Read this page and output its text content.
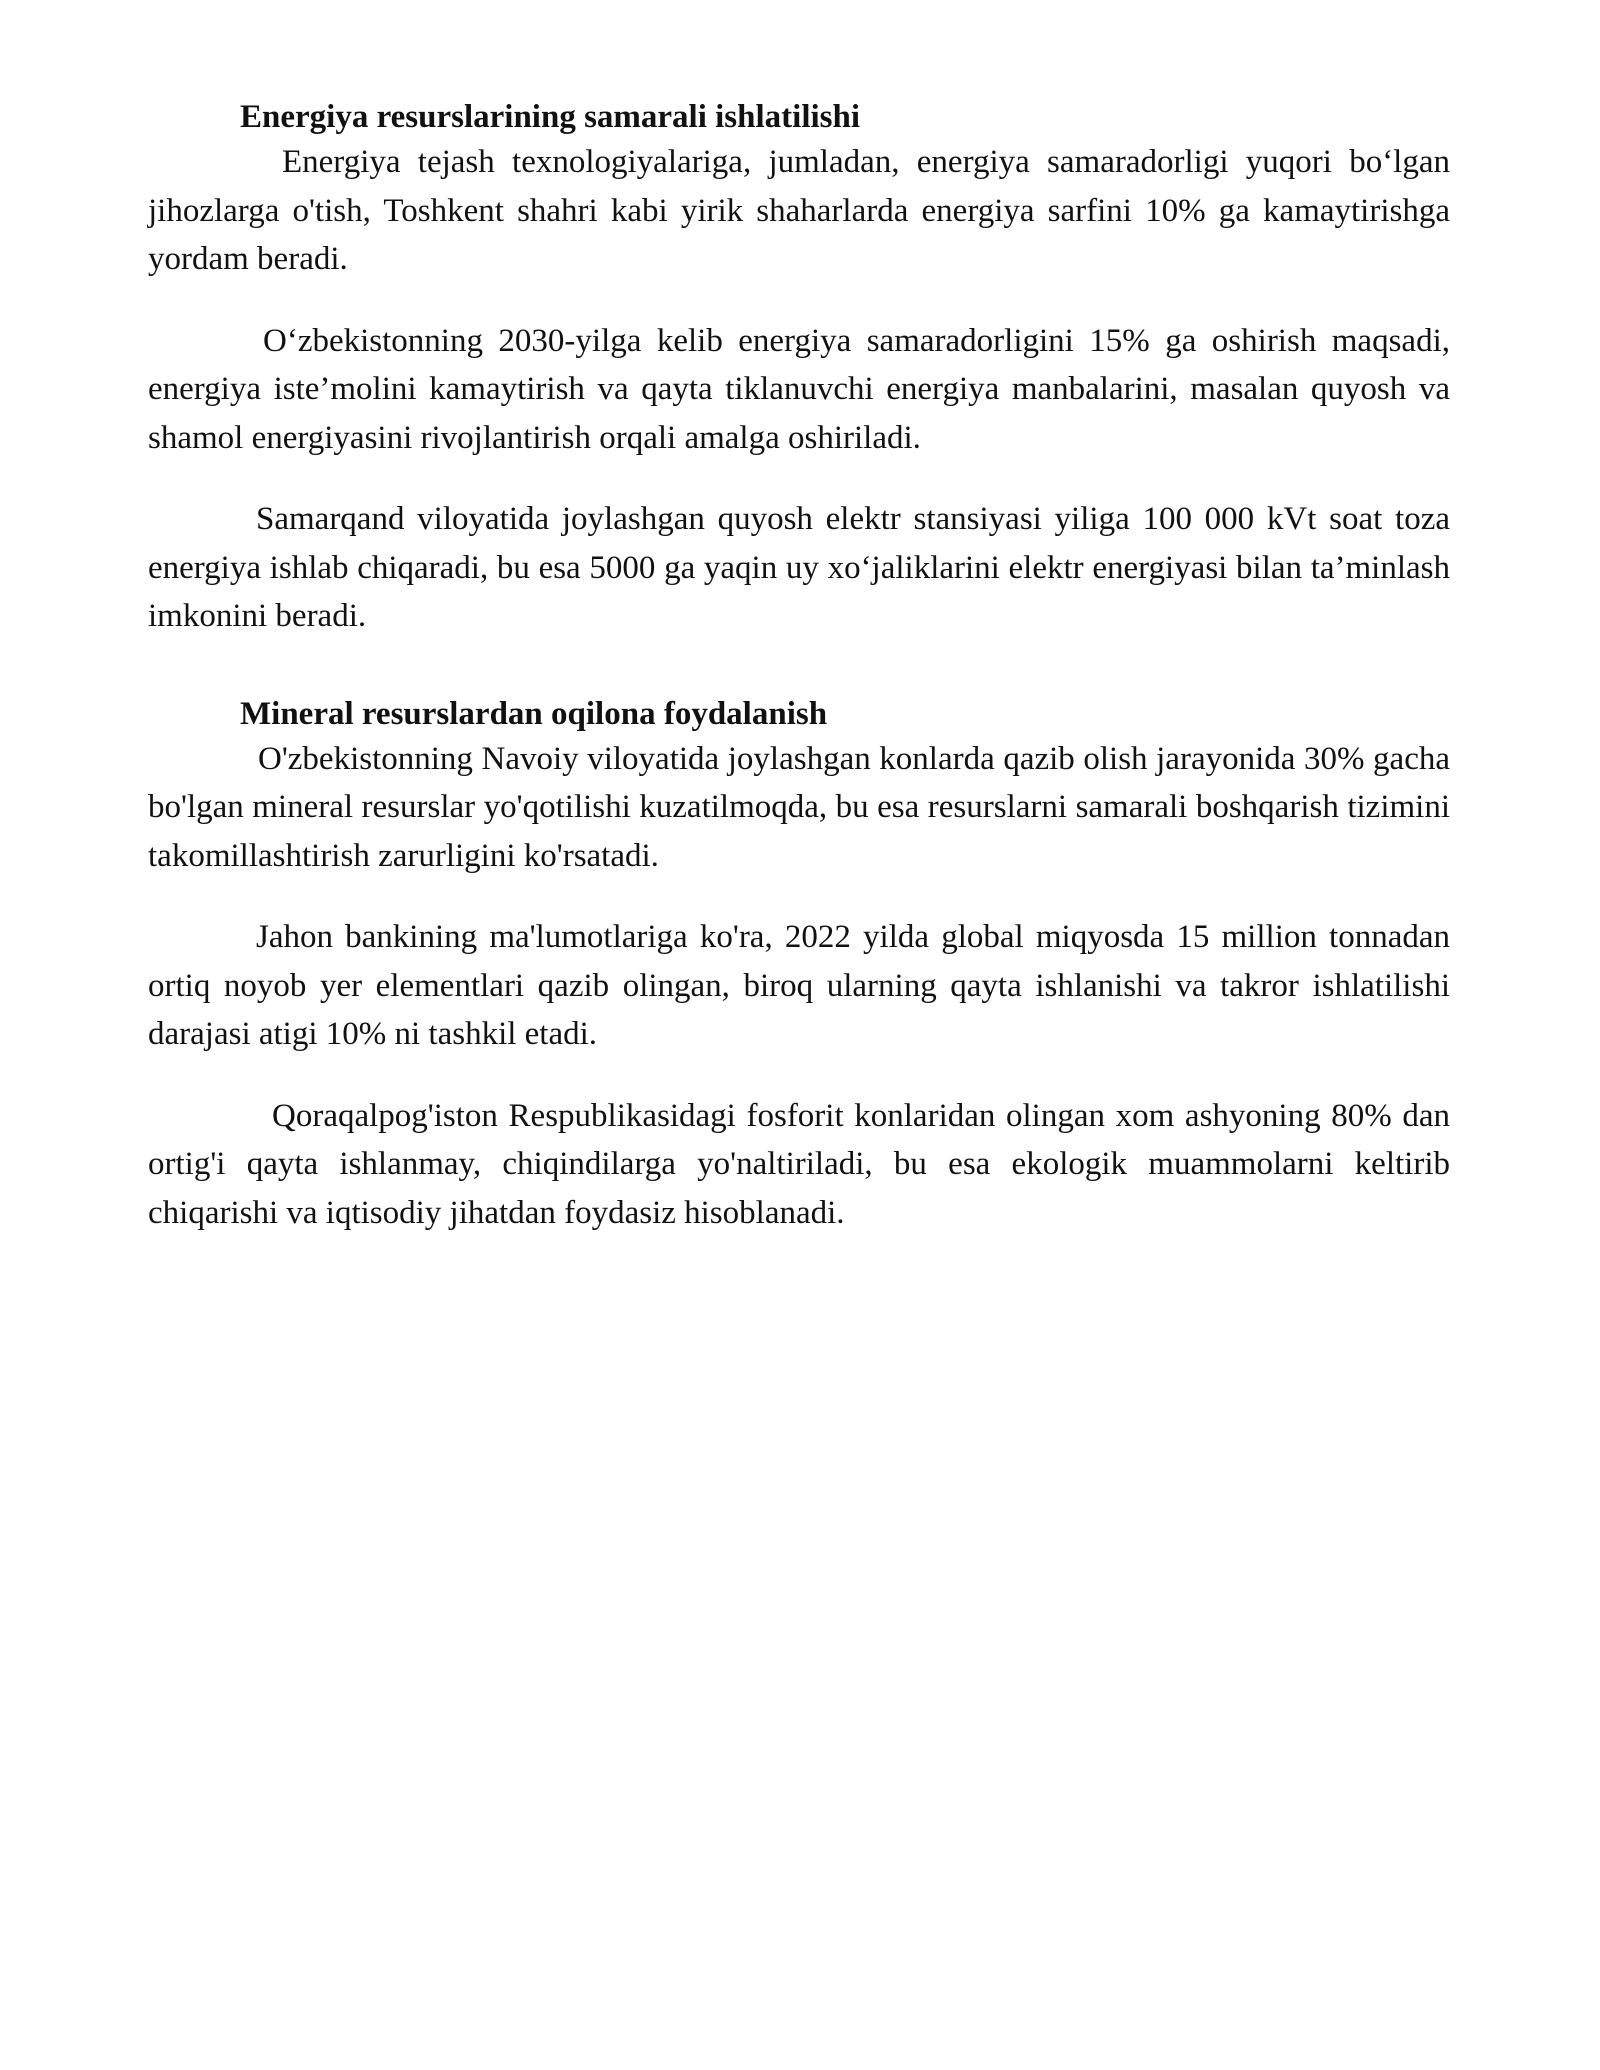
Energiya resurslarining samarali ishlatilishi

Energiya tejash texnologiyalariga, jumladan, energiya samaradorligi yuqori bo‘lgan jihozlarga o'tish, Toshkent shahri kabi yirik shaharlarda energiya sarfini 10% ga kamaytirishga yordam beradi.

O‘zbekistonning 2030-yilga kelib energiya samaradorligini 15% ga oshirish maqsadi, energiya iste’molini kamaytirish va qayta tiklanuvchi energiya manbalarini, masalan quyosh va shamol energiyasini rivojlantirish orqali amalga oshiriladi.

Samarqand viloyatida joylashgan quyosh elektr stansiyasi yiliga 100 000 kVt soat toza energiya ishlab chiqaradi, bu esa 5000 ga yaqin uy xo‘jaliklarini elektr energiyasi bilan ta’minlash imkonini beradi.

Mineral resurslardan oqilona foydalanish

O'zbekistonning Navoiy viloyatida joylashgan konlarda qazib olish jarayonida 30% gacha bo'lgan mineral resurslar yo'qotilishi kuzatilmoqda, bu esa resurslarni samarali boshqarish tizimini takomillashtirish zarurligini ko'rsatadi.

Jahon bankining ma'lumotlariga ko'ra, 2022 yilda global miqyosda 15 million tonnadan ortiq noyob yer elementlari qazib olingan, biroq ularning qayta ishlanishi va takror ishlatilishi darajasi atigi 10% ni tashkil etadi.

Qoraqalpog'iston Respublikasidagi fosforit konlaridan olingan xom ashyoning 80% dan ortig'i qayta ishlanmay, chiqindilarga yo'naltiriladi, bu esa ekologik muammolarni keltirib chiqarishi va iqtisodiy jihatdan foydasiz hisoblanadi.
